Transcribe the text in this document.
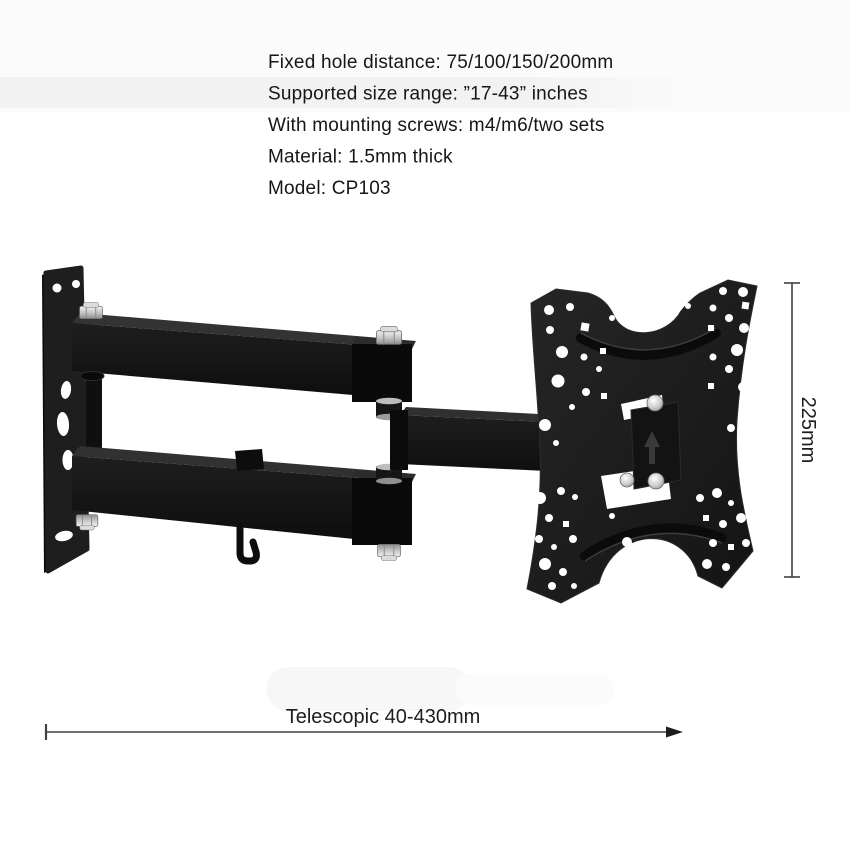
Fixed hole distance: 75/100/150/200mm
Supported size range: ”17-43” inches
With mounting screws: m4/m6/two sets
Material: 1.5mm thick
Model: CP103
225mm
Telescopic 40-430mm
